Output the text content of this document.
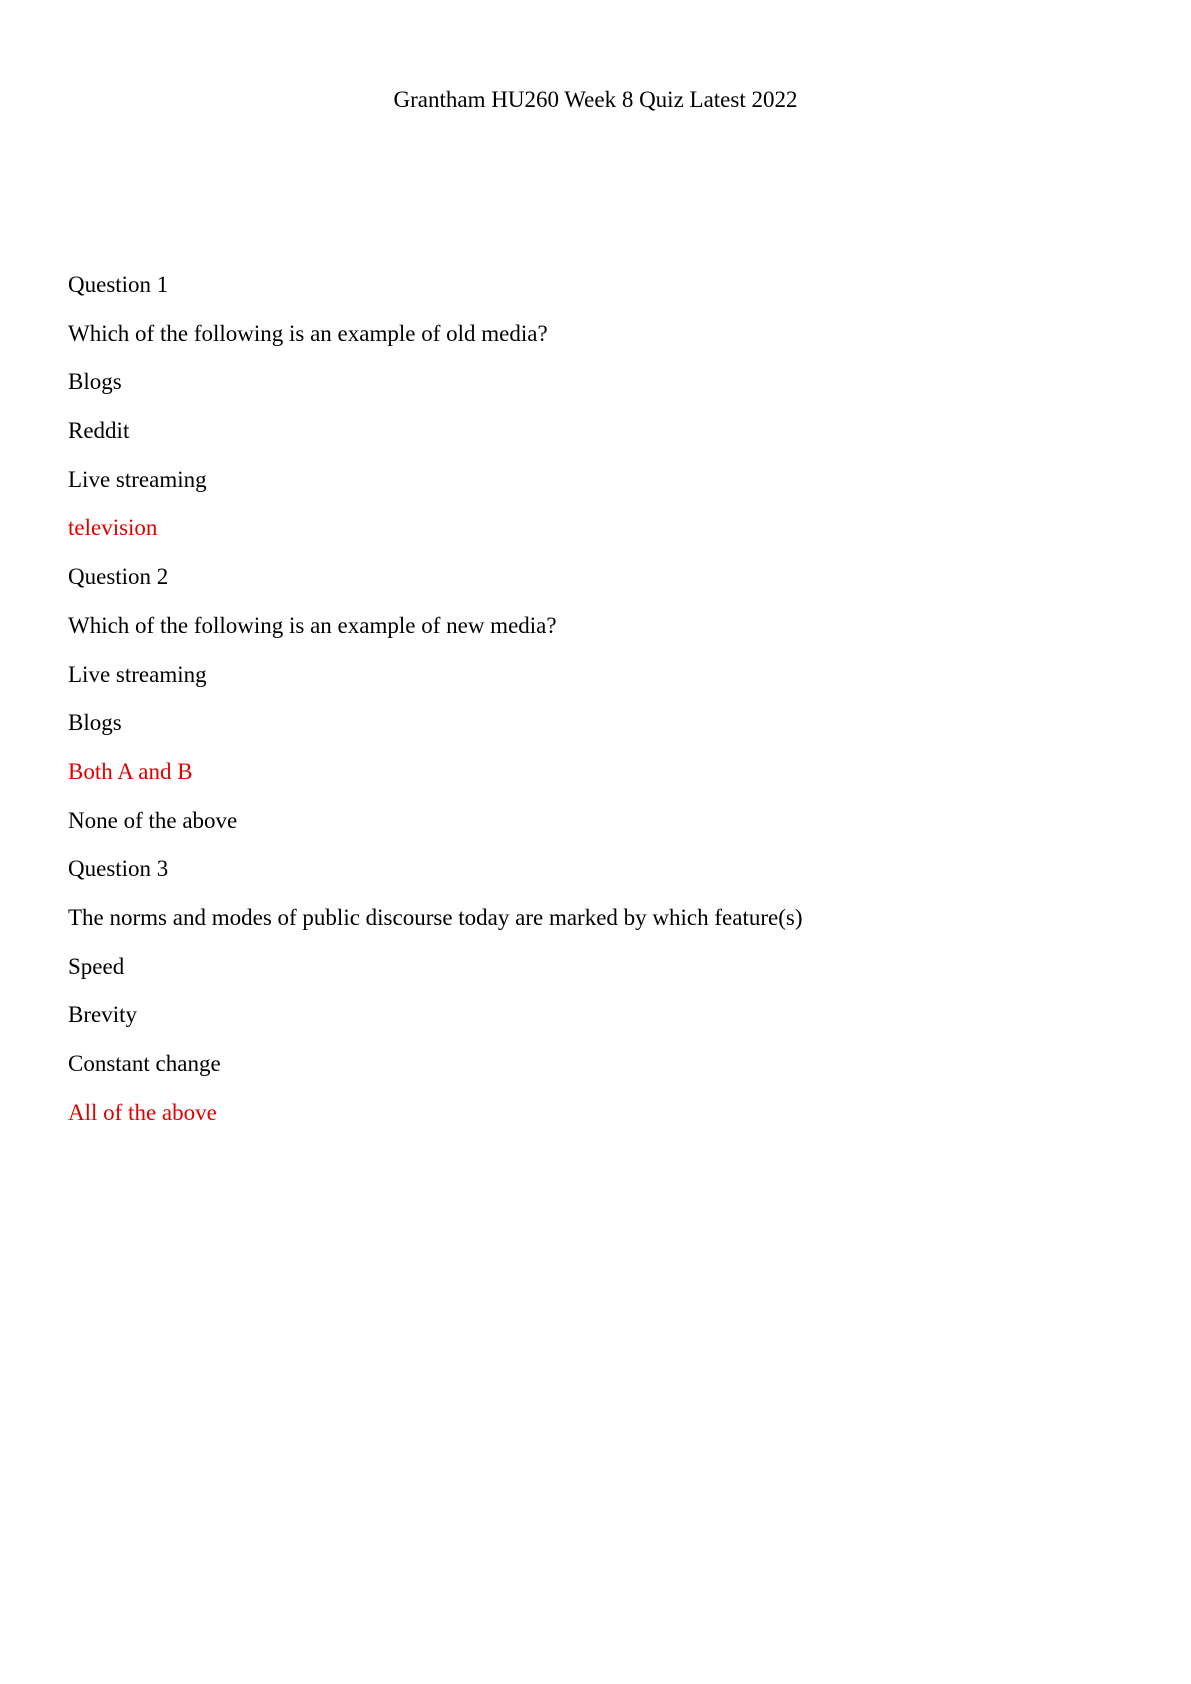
Grantham HU260 Week 8 Quiz Latest 2022
Question 1
Which of the following is an example of old media?
Blogs
Reddit
Live streaming
television
Question 2
Which of the following is an example of new media?
Live streaming
Blogs
Both A and B
None of the above
Question 3
The norms and modes of public discourse today are marked by which feature(s)
Speed
Brevity
Constant change
All of the above
